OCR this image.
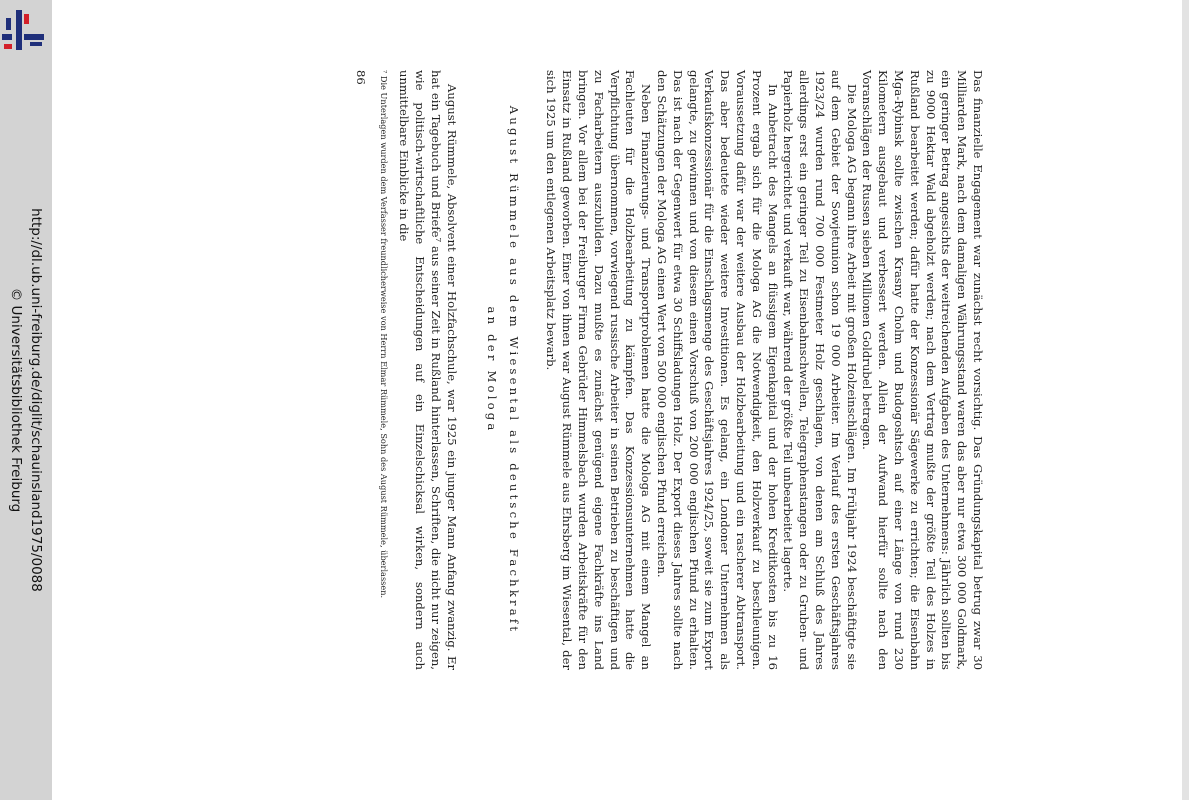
http://dl.ub.uni-freiburg.de/diglit/schauinsland1975/0088
© Universitätsbibliothek Freiburg	Das finanzielle Engagement war zunächst recht vorsichtig. Das Gründungskapital betrug zwar 30 Milliarden Mark, nach dem damaligen Währungsstand waren das aber nur etwa 300 000 Goldmark, ein geringer Betrag angesichts der weitreichenden Aufgaben des Unternehmens: Jährlich sollten bis zu 9000 Hektar Wald abgeholzt werden; nach dem Vertrag mußte der größte Teil des Holzes in Rußland bearbeitet werden; dafür hatte der Konzessionär Sägewerke zu errichten; die Eisenbahn Mga-Rybinsk sollte zwischen Krasny Cholm und Budogoshtsch auf einer Länge von rund 230 Kilometern ausgebaut und verbessert werden. Allein der Aufwand hierfür sollte nach den Voranschlägen der Russen sieben Millionen Goldrubel betragen.

Die Mologa AG begann ihre Arbeit mit großen Holzeinschlägen. Im Frühjahr 1924 beschäftigte sie auf dem Gebiet der Sowjetunion schon 19 000 Arbeiter. Im Verlauf des ersten Geschäftsjahres 1923/24 wurden rund 700 000 Festmeter Holz geschlagen, von denen am Schluß des Jahres allerdings erst ein geringer Teil zu Eisenbahnschwellen, Telegraphenstangen oder zu Gruben- und Papierholz hergerichtet und verkauft war, während der größte Teil unbearbeitet lagerte.

In Anbetracht des Mangels an flüssigem Eigenkapital und der hohen Kreditkosten bis zu 16 Prozent ergab sich für die Mologa AG die Notwendigkeit, den Holzverkauf zu beschleunigen. Voraussetzung dafür war der weitere Ausbau der Holzbearbeitung und ein rascherer Abtransport. Das aber bedeutete wieder weitere Investitionen. Es gelang, ein Londoner Unternehmen als Verkaufskonzessionär für die Einschlagsmenge des Geschäftsjahres 1924/25, soweit sie zum Export gelangte, zu gewinnen und von diesem einen Vorschuß von 200 000 englischen Pfund zu erhalten. Das ist nach der Gegenwert für etwa 30 Schiffsladungen Holz. Der Export dieses Jahres sollte nach den Schätzungen der Mologa AG einen Wert von 500 000 englischen Pfund erreichen.

Neben Finanzierungs- und Transportproblemen hatte die Mologa AG mit einem Mangel an Fachleuten für die Holzbearbeitung zu kämpfen. Das Konzessionsunternehmen hatte die Verpflichtung übernommen, vorwiegend russische Arbeiter in seinen Betrieben zu beschäftigen und zu Facharbeitern auszubilden. Dazu mußte es zunächst genügend eigene Fachkräfte ins Land bringen. Vor allem bei der Freiburger Firma Gebrüder Himmelsbach wurden Arbeitskräfte für den Einsatz in Rußland geworben. Einer von ihnen war August Rümmele aus Ehrsberg im Wiesental, der sich 1925 um den entlegenen Arbeitsplatz bewarb.

August Rümmele aus dem Wiesental als deutsche Fachkraft
an der Mologa

August Rümmele, Absolvent einer Holzfachschule, war 1925 ein junger Mann Anfang zwanzig. Er hat ein Tagebuch und Briefe⁷ aus seiner Zeit in Rußland hinterlassen, Schriften, die nicht nur zeigen, wie politisch-wirtschaftliche Entscheidungen auf ein Einzelschicksal wirken, sondern auch unmittelbare Einblicke in die

⁷ Die Unterlagen wurden dem Verfasser freundlicherweise von Herrn Elmar Rümmele, Sohn des August Rümmele, überlassen.
86
